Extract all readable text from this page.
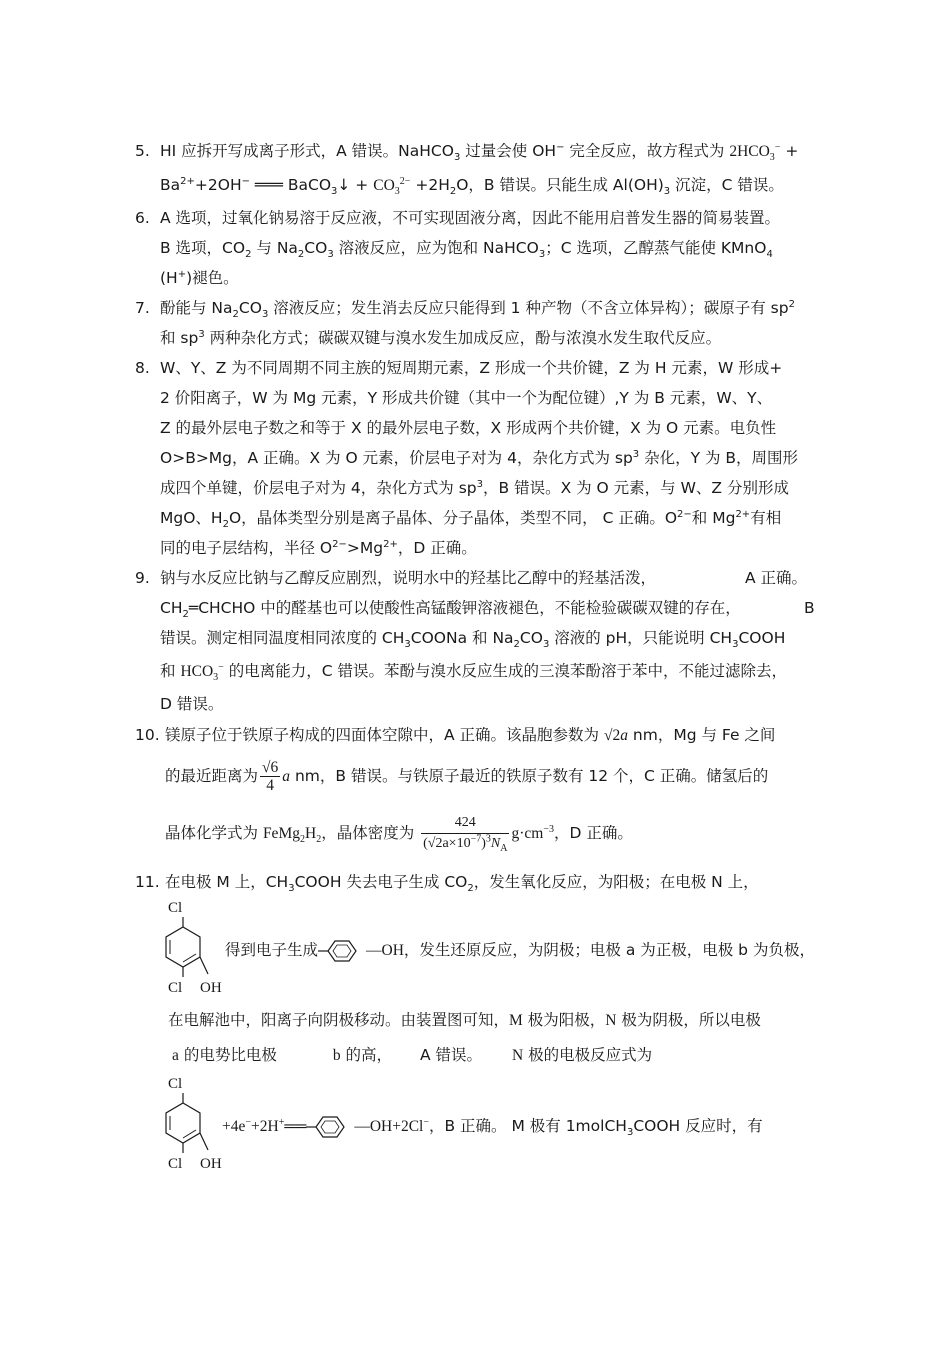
5. HI 应拆开写成离子形式，A 错误。NaHCO$_3$ 过量会使 OH− 完全反应，故方程式为 $2HCO_3^-$ +
$Ba^{2+}+2OH^-$ ═══ BaCO$_3$↓ + $CO_3^{2-} +2H_2O$，B 错误。只能生成 $Al(OH)_3$ 沉淀，C 错误。
6. A 选项，过氧化钠易溶于反应液，不可实现固液分离，因此不能用启普发生器的简易装置。
B 选项，$CO_2$ 与 $Na_2CO_3$ 溶液反应，应为饱和 NaHCO$_3$；C 选项，乙醇蒸气能使 KMnO$_4$
(H+)褪色。
7. 酚能与 $Na_2CO_3$ 溶液反应；发生消去反应只能得到 1 种产物（不含立体异构）；碳原子有 $sp^2$
和 $sp^3$ 两种杂化方式；碳碳双键与溴水发生加成反应，酚与浓溴水发生取代反应。
8. W、Y、Z 为不同周期不同主族的短周期元素，Z 形成一个共价键，Z 为 H 元素，W 形成+
2 价阳离子，W 为 Mg 元素，Y 形成共价键（其中一个为配位键）,Y 为 B 元素，W、Y、
Z 的最外层电子数之和等于 X 的最外层电子数，X 形成两个共价键，X 为 O 元素。电负性
O>B>Mg，A 正确。X 为 O 元素，价层电子对为 4，杂化方式为 $sp^3$ 杂化，Y 为 B，周围形
成四个单键，价层电子对为 4，杂化方式为 $sp^3$，B 错误。X 为 O 元素，与 W、Z 分别形成
MgO、$H_2O$，晶体类型分别是离子晶体、分子晶体，类型不同， C 正确。$O^{2-}$和 $Mg^{2+}$有相
同的电子层结构，半径 $O^{2-}>Mg^{2+}$，D 正确。
9. 钠与水反应比钠与乙醇反应剧烈，说明水中的羟基比乙醇中的羟基活泼，	A 正确。
$CH_2═CHCHO$ 中的醛基也可以使酸性高锰酸钾溶液褪色，不能检验碳碳双键的存在，	B
错误。测定相同温度相同浓度的 $CH_3COONa$ 和 $Na_2CO_3$ 溶液的 pH，只能说明 $CH_3COOH$
和 $HCO_3^-$ 的电离能力，C 错误。苯酚与溴水反应生成的三溴苯酚溶于苯中，不能过滤除去，
D 错误。
10. 镁原子位于铁原子构成的四面体空隙中，A 正确。该晶胞参数为 √2a nm，Mg 与 Fe 之间
的最近距离为 $\frac{√6}{4}$ a nm，B 错误。与铁原子最近的铁原子数有 12 个，C 正确。储氢后的
晶体化学式为 $FeMg_2H_2$，晶体密度为 $\frac{424}{(√2a\times 10^{-7})^3N_A} g\cdot cm^{-3}$，D 正确。
11. 在电极 M 上，$CH_3COOH$ 失去电子生成 $CO_2$，发生氧化反应，为阳极；在电极 N 上，
Cl
Cl OH
得到电子生成	—OH，发生还原反应，为阴极；电极 a 为正极，电极 b 为负极，
在电解池中，阳离子向阴极移动。由装置图可知，M 极为阳极，N 极为阴极，所以电极
a 的电势比电极	b 的高， A 错误。 N 极的电极反应式为
Cl
Cl OH
+4e−+2H+══	—OH+2Cl−，B 正确。 M 极有 1molCH$_3$COOH 反应时，有
